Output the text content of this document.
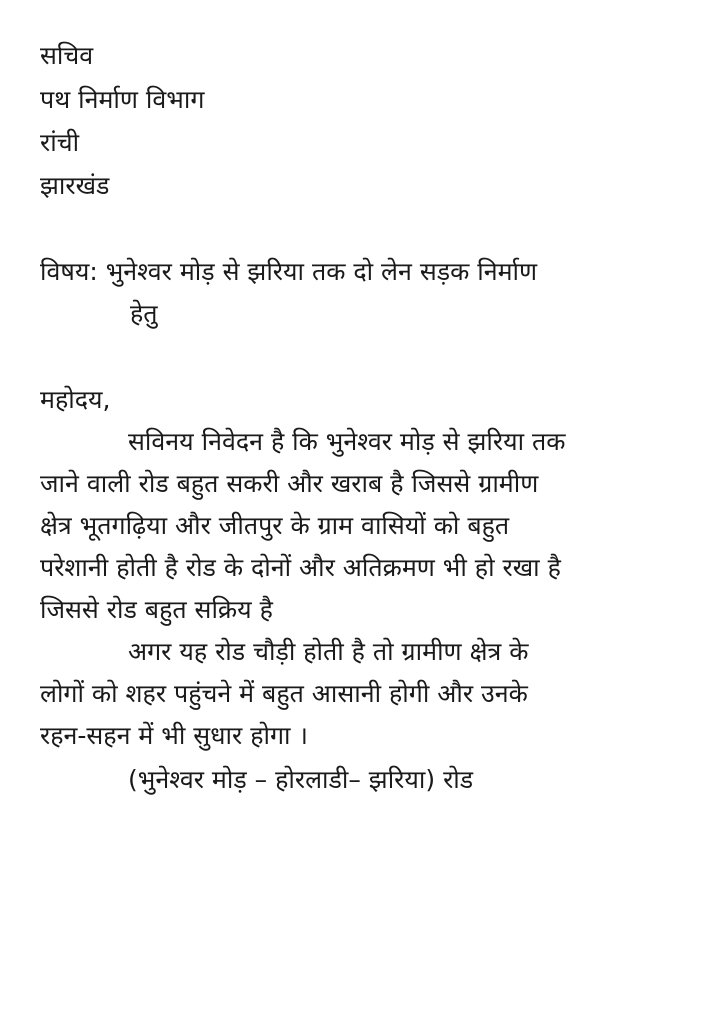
सचिव
पथ निर्माण विभाग
रांची
झारखंड
विषय: भुनेश्वर मोड़ से झरिया तक दो लेन सड़क निर्माण
हेतु
महोदय,
सविनय निवेदन है कि भुनेश्वर मोड़ से झरिया तक
जाने वाली रोड बहुत सकरी और खराब है जिससे ग्रामीण
क्षेत्र भूतगढ़िया और जीतपुर के ग्राम वासियों को बहुत
परेशानी होती है रोड के दोनों और अतिक्रमण भी हो रखा है
जिससे रोड बहुत सक्रिय है
अगर यह रोड चौड़ी होती है तो ग्रामीण क्षेत्र के
लोगों को शहर पहुंचने में बहुत आसानी होगी और उनके
रहन-सहन में भी सुधार होगा ।
(भुनेश्वर मोड़ – होरलाडी– झरिया) रोड
